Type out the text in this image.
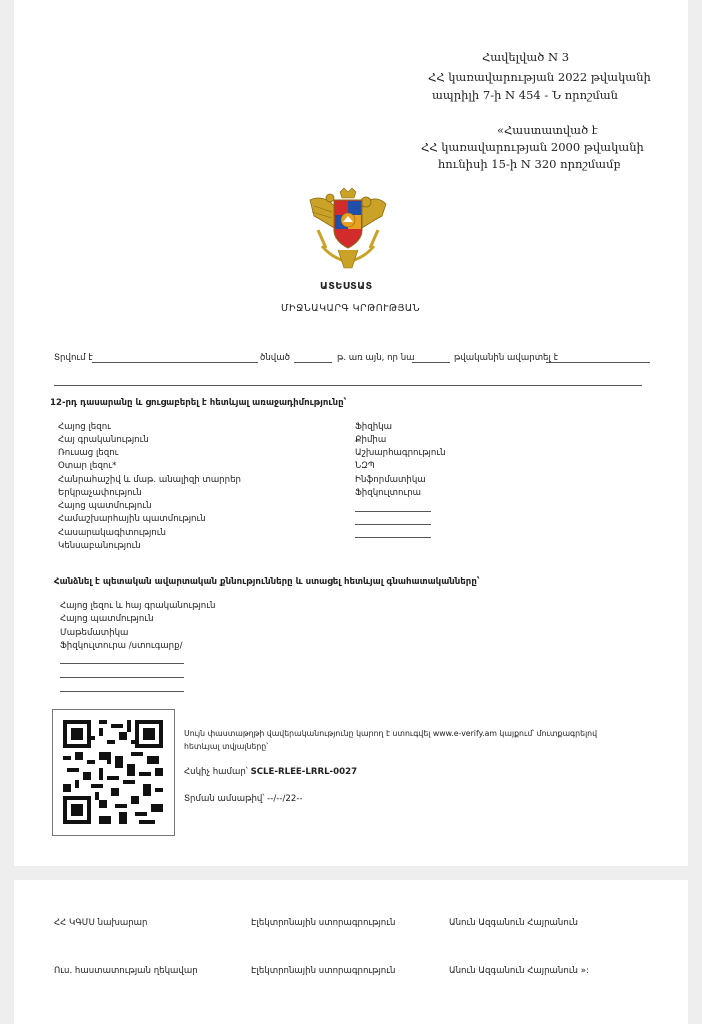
Հավելված N 3
ՀՀ կառավարության 2022 թվականի
ապրիլի 7-ի N 454 - Ն որոշման
«Հաստատված է
ՀՀ կառավարության 2000 թվականի
հունիսի 15-ի N 320 որոշմամբ
ԱՏԵՍՏԱՏ
ՄԻՋՆԱԿԱՐԳ ԿՐԹՈՒԹՅԱՆ
Տրվում է	ծնված	թ. առ այն, որ նա	թվականին ավարտել է
12-րդ դասարանը և ցուցաբերել է հետևյալ առաջադիմությունը՝
Հայոց լեզու
Հայ գրականություն
Ռուսաց լեզու
Օտար լեզու*
Հանրահաշիվ և մաթ. անալիզի տարրեր
Երկրաչափություն
Հայոց պատմություն
Համաշխարհային պատմություն
Հասարակագիտություն
Կենսաբանություն
Ֆիզիկա
Քիմիա
Աշխարհագրություն
ՆԶՊ
Ինֆորմատիկա
Ֆիզկուլտուրա
Հանձնել է պետական ավարտական քննությունները և ստացել հետևյալ գնահատականները՝
Հայոց լեզու և հայ գրականություն
Հայոց պատմություն
Մաթեմատիկա
Ֆիզկուլտուրա /ստուգարք/
Սույն փաստաթղթի վավերականությունը կարող է ստուգվել www.e-verify.am կայքում՝ մուտքագրելով
հետևյալ տվյալները՝
Հսկիչ համար՝ SCLE-RLEE-LRRL-0027
Տրման ամսաթիվ՝ --/--/22--
ՀՀ ԿԳՄՍ նախարար	Էլեկտրոնային ստորագրություն	Անուն Ազգանուն Հայրանուն
Ուս. հաստատության ղեկավար	Էլեկտրոնային ստորագրություն	Անուն Ազգանուն Հայրանուն »:
